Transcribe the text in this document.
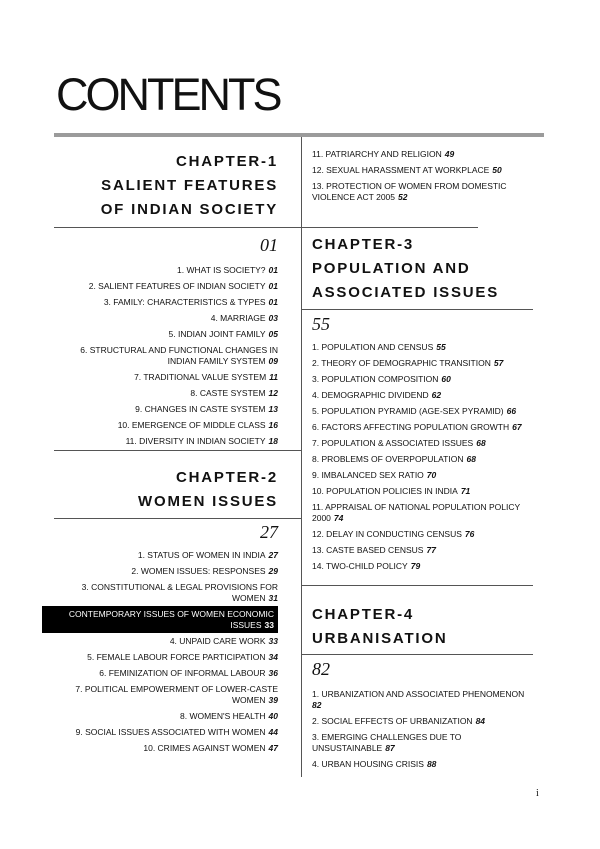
CONTENTS

CHAPTER-1

SALIENT FEATURES

OF INDIAN SOCIETY

01

1. WHAT IS SOCIETY? 01
2. SALIENT FEATURES OF INDIAN SOCIETY 01
3. FAMILY: CHARACTERISTICS & TYPES 01
4. MARRIAGE 03
5. INDIAN JOINT FAMILY 05
6. STRUCTURAL AND FUNCTIONAL CHANGES IN INDIAN FAMILY SYSTEM 09
7. TRADITIONAL VALUE SYSTEM 11
8. CASTE SYSTEM 12
9. CHANGES IN CASTE SYSTEM 13
10. EMERGENCE OF MIDDLE CLASS 16
11. DIVERSITY IN INDIAN SOCIETY 18

CHAPTER-2

WOMEN ISSUES

27

1. STATUS OF WOMEN IN INDIA 27
2. WOMEN ISSUES: RESPONSES 29
3. CONSTITUTIONAL & LEGAL PROVISIONS FOR WOMEN 31
CONTEMPORARY ISSUES OF WOMEN ECONOMIC ISSUES 33
4. UNPAID CARE WORK 33
5. FEMALE LABOUR FORCE PARTICIPATION 34
6. FEMINIZATION OF INFORMAL LABOUR 36
7. POLITICAL EMPOWERMENT OF LOWER-CASTE WOMEN 39
8. WOMEN'S HEALTH 40
9. SOCIAL ISSUES ASSOCIATED WITH WOMEN 44
10. CRIMES AGAINST WOMEN 47
11. PATRIARCHY AND RELIGION 49
12. SEXUAL HARASSMENT AT WORKPLACE 50
13. PROTECTION OF WOMEN FROM DOMESTIC VIOLENCE ACT 2005 52

CHAPTER-3

POPULATION AND

ASSOCIATED ISSUES

55

1. POPULATION AND CENSUS 55
2. THEORY OF DEMOGRAPHIC TRANSITION 57
3. POPULATION COMPOSITION 60
4. DEMOGRAPHIC DIVIDEND 62
5. POPULATION PYRAMID (AGE-SEX PYRAMID) 66
6. FACTORS AFFECTING POPULATION GROWTH 67
7. POPULATION & ASSOCIATED ISSUES 68
8. PROBLEMS OF OVERPOPULATION 68
9. IMBALANCED SEX RATIO 70
10. POPULATION POLICIES IN INDIA 71
11. APPRAISAL OF NATIONAL POPULATION POLICY 2000 74
12. DELAY IN CONDUCTING CENSUS 76
13. CASTE BASED CENSUS 77
14. TWO-CHILD POLICY 79

CHAPTER-4

URBANISATION

82

1. URBANIZATION AND ASSOCIATED PHENOMENON
82
2. SOCIAL EFFECTS OF URBANIZATION 84
3. EMERGING CHALLENGES DUE TO UNSUSTAINABLE 87
4. URBAN HOUSING CRISIS 88
i
